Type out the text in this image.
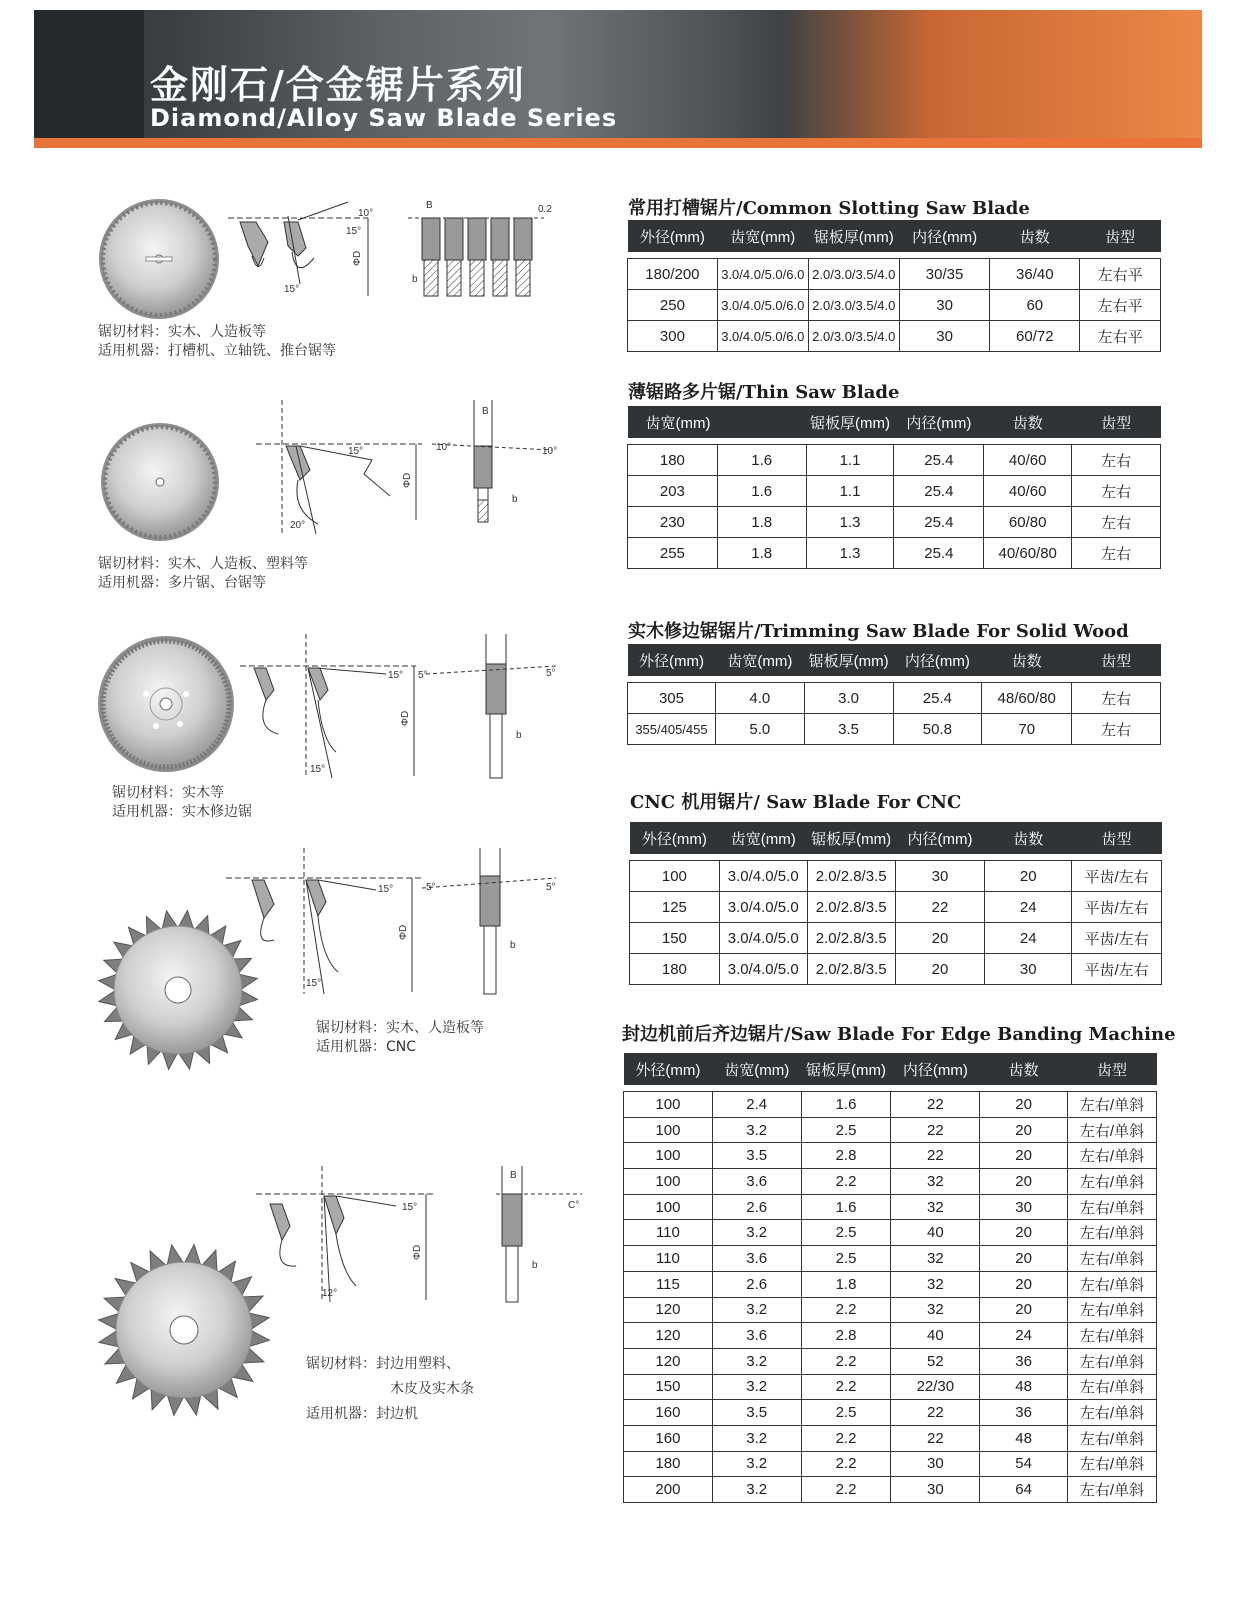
金刚石/合金锯片系列
Diamond/Alloy Saw Blade Series
10°
15°
15°
ΦD
B	0.2
b
锯切材料：实木、人造板等
适用机器：打槽机、立轴铣、推台锯等
15°
20°
ΦD
B
10°	10°
b
锯切材料：实木、人造板、塑料等
适用机器：多片锯、台锯等
15° 5°
15°
ΦD
5°
b
锯切材料：实木等
适用机器：实木修边锯
15°	5°
15°
ΦD
5°
b
锯切材料：实木、人造板等
适用机器：CNC
15°
12°
ΦD
B
C°
b
锯切材料：封边用塑料、
木皮及实木条
适用机器：封边机
常用打槽锯片/Common Slotting Saw Blade
外径(mm)	齿宽(mm)	锯板厚(mm)	内径(mm)	齿数	齿型

180/200	3.0/4.0/5.0/6.0	2.0/3.0/3.5/4.0	30/35	36/40	左右平
250	3.0/4.0/5.0/6.0	2.0/3.0/3.5/4.0	30	60	左右平
300	3.0/4.0/5.0/6.0	2.0/3.0/3.5/4.0	30	60/72	左右平
薄锯路多片锯/Thin Saw Blade
齿宽(mm)		锯板厚(mm)	内径(mm)	齿数	齿型

180	1.6	1.1	25.4	40/60	左右
203	1.6	1.1	25.4	40/60	左右
230	1.8	1.3	25.4	60/80	左右
255	1.8	1.3	25.4	40/60/80	左右
实木修边锯锯片/Trimming Saw Blade For Solid Wood
外径(mm)	齿宽(mm)	锯板厚(mm)	内径(mm)	齿数	齿型

305	4.0	3.0	25.4	48/60/80	左右
355/405/455	5.0	3.5	50.8	70	左右
CNC 机用锯片/ Saw Blade For CNC
外径(mm)	齿宽(mm)	锯板厚(mm)	内径(mm)	齿数	齿型

100	3.0/4.0/5.0	2.0/2.8/3.5	30	20	平齿/左右
125	3.0/4.0/5.0	2.0/2.8/3.5	22	24	平齿/左右
150	3.0/4.0/5.0	2.0/2.8/3.5	20	24	平齿/左右
180	3.0/4.0/5.0	2.0/2.8/3.5	20	30	平齿/左右
封边机前后齐边锯片/Saw Blade For Edge Banding Machine
外径(mm)	齿宽(mm)	锯板厚(mm)	内径(mm)	齿数	齿型

100	2.4	1.6	22	20	左右/单斜
100	3.2	2.5	22	20	左右/单斜
100	3.5	2.8	22	20	左右/单斜
100	3.6	2.2	32	20	左右/单斜
100	2.6	1.6	32	30	左右/单斜
110	3.2	2.5	40	20	左右/单斜
110	3.6	2.5	32	20	左右/单斜
115	2.6	1.8	32	20	左右/单斜
120	3.2	2.2	32	20	左右/单斜
120	3.6	2.8	40	24	左右/单斜
120	3.2	2.2	52	36	左右/单斜
150	3.2	2.2	22/30	48	左右/单斜
160	3.5	2.5	22	36	左右/单斜
160	3.2	2.2	22	48	左右/单斜
180	3.2	2.2	30	54	左右/单斜
200	3.2	2.2	30	64	左右/单斜
